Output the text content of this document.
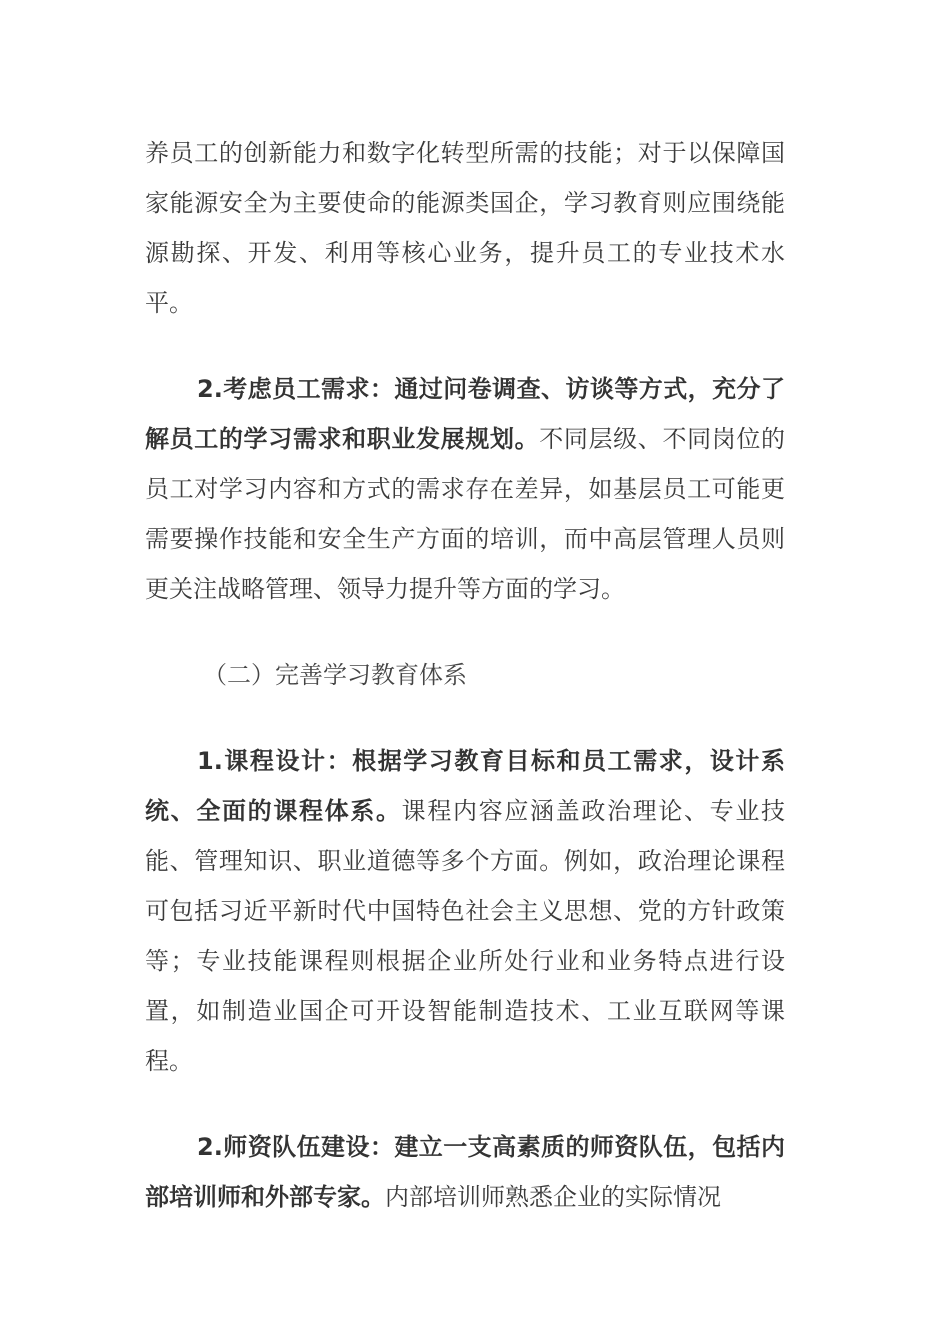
养员工的创新能力和数字化转型所需的技能；对于以保障国家能源安全为主要使命的能源类国企，学习教育则应围绕能源勘探、开发、利用等核心业务，提升员工的专业技术水平。

2.考虑员工需求：通过问卷调查、访谈等方式，充分了解员工的学习需求和职业发展规划。不同层级、不同岗位的员工对学习内容和方式的需求存在差异，如基层员工可能更需要操作技能和安全生产方面的培训，而中高层管理人员则更关注战略管理、领导力提升等方面的学习。

（二）完善学习教育体系

1.课程设计：根据学习教育目标和员工需求，设计系统、全面的课程体系。课程内容应涵盖政治理论、专业技能、管理知识、职业道德等多个方面。例如，政治理论课程可包括习近平新时代中国特色社会主义思想、党的方针政策等；专业技能课程则根据企业所处行业和业务特点进行设置，如制造业国企可开设智能制造技术、工业互联网等课程。

2.师资队伍建设：建立一支高素质的师资队伍，包括内部培训师和外部专家。内部培训师熟悉企业的实际情况
